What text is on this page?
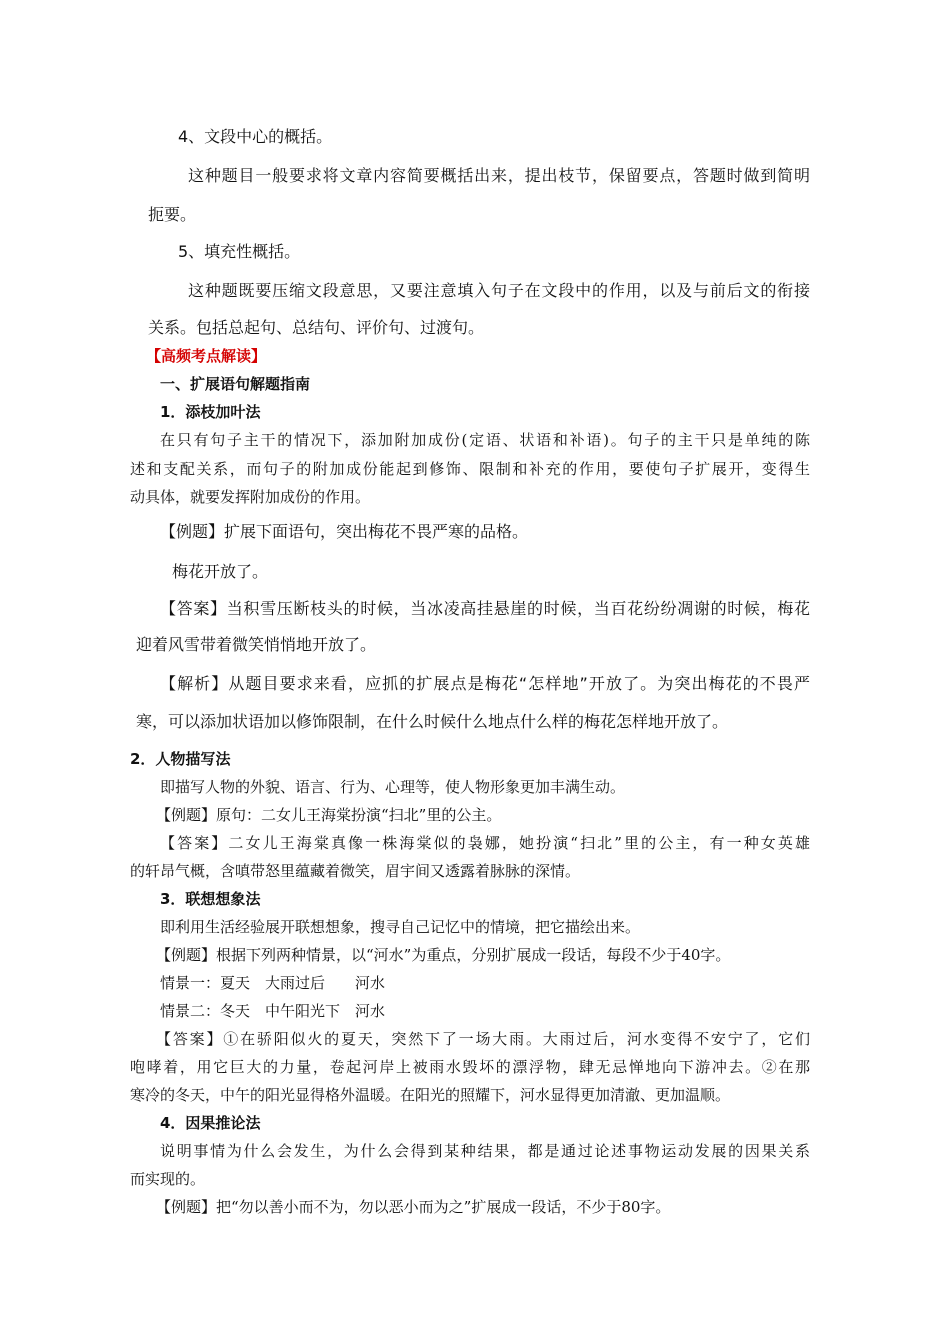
4、文段中心的概括。

这种题目一般要求将文章内容简要概括出来，提出枝节，保留要点，答题时做到简明

扼要。

5、填充性概括。

这种题既要压缩文段意思，又要注意填入句子在文段中的作用，以及与前后文的衔接

关系。包括总起句、总结句、评价句、过渡句。

【高频考点解读】

一、扩展语句解题指南

1．添枝加叶法

在只有句子主干的情况下，添加附加成份(定语、状语和补语)。句子的主干只是单纯的陈

述和支配关系，而句子的附加成份能起到修饰、限制和补充的作用，要使句子扩展开，变得生

动具体，就要发挥附加成份的作用。

【例题】扩展下面语句，突出梅花不畏严寒的品格。

梅花开放了。

【答案】当积雪压断枝头的时候，当冰凌高挂悬崖的时候，当百花纷纷凋谢的时候，梅花

迎着风雪带着微笑悄悄地开放了。

【解析】从题目要求来看，应抓的扩展点是梅花“怎样地”开放了。为突出梅花的不畏严

寒，可以添加状语加以修饰限制，在什么时候什么地点什么样的梅花怎样地开放了。

2．人物描写法

即描写人物的外貌、语言、行为、心理等，使人物形象更加丰满生动。

【例题】原句：二女儿王海棠扮演“扫北”里的公主。

【答案】二女儿王海棠真像一株海棠似的袅娜，她扮演“扫北”里的公主，有一种女英雄

的轩昂气概，含嗔带怒里蕴藏着微笑，眉宇间又透露着脉脉的深情。

3．联想想象法

即利用生活经验展开联想想象，搜寻自己记忆中的情境，把它描绘出来。

【例题】根据下列两种情景，以“河水”为重点，分别扩展成一段话，每段不少于40字。

情景一：夏天　大雨过后　　河水

情景二：冬天　中午阳光下　河水

【答案】①在骄阳似火的夏天，突然下了一场大雨。大雨过后，河水变得不安宁了，它们

咆哮着，用它巨大的力量，卷起河岸上被雨水毁坏的漂浮物，肆无忌惮地向下游冲去。②在那

寒冷的冬天，中午的阳光显得格外温暖。在阳光的照耀下，河水显得更加清澈、更加温顺。

4．因果推论法

说明事情为什么会发生，为什么会得到某种结果，都是通过论述事物运动发展的因果关系

而实现的。

【例题】把“勿以善小而不为，勿以恶小而为之”扩展成一段话，不少于80字。
